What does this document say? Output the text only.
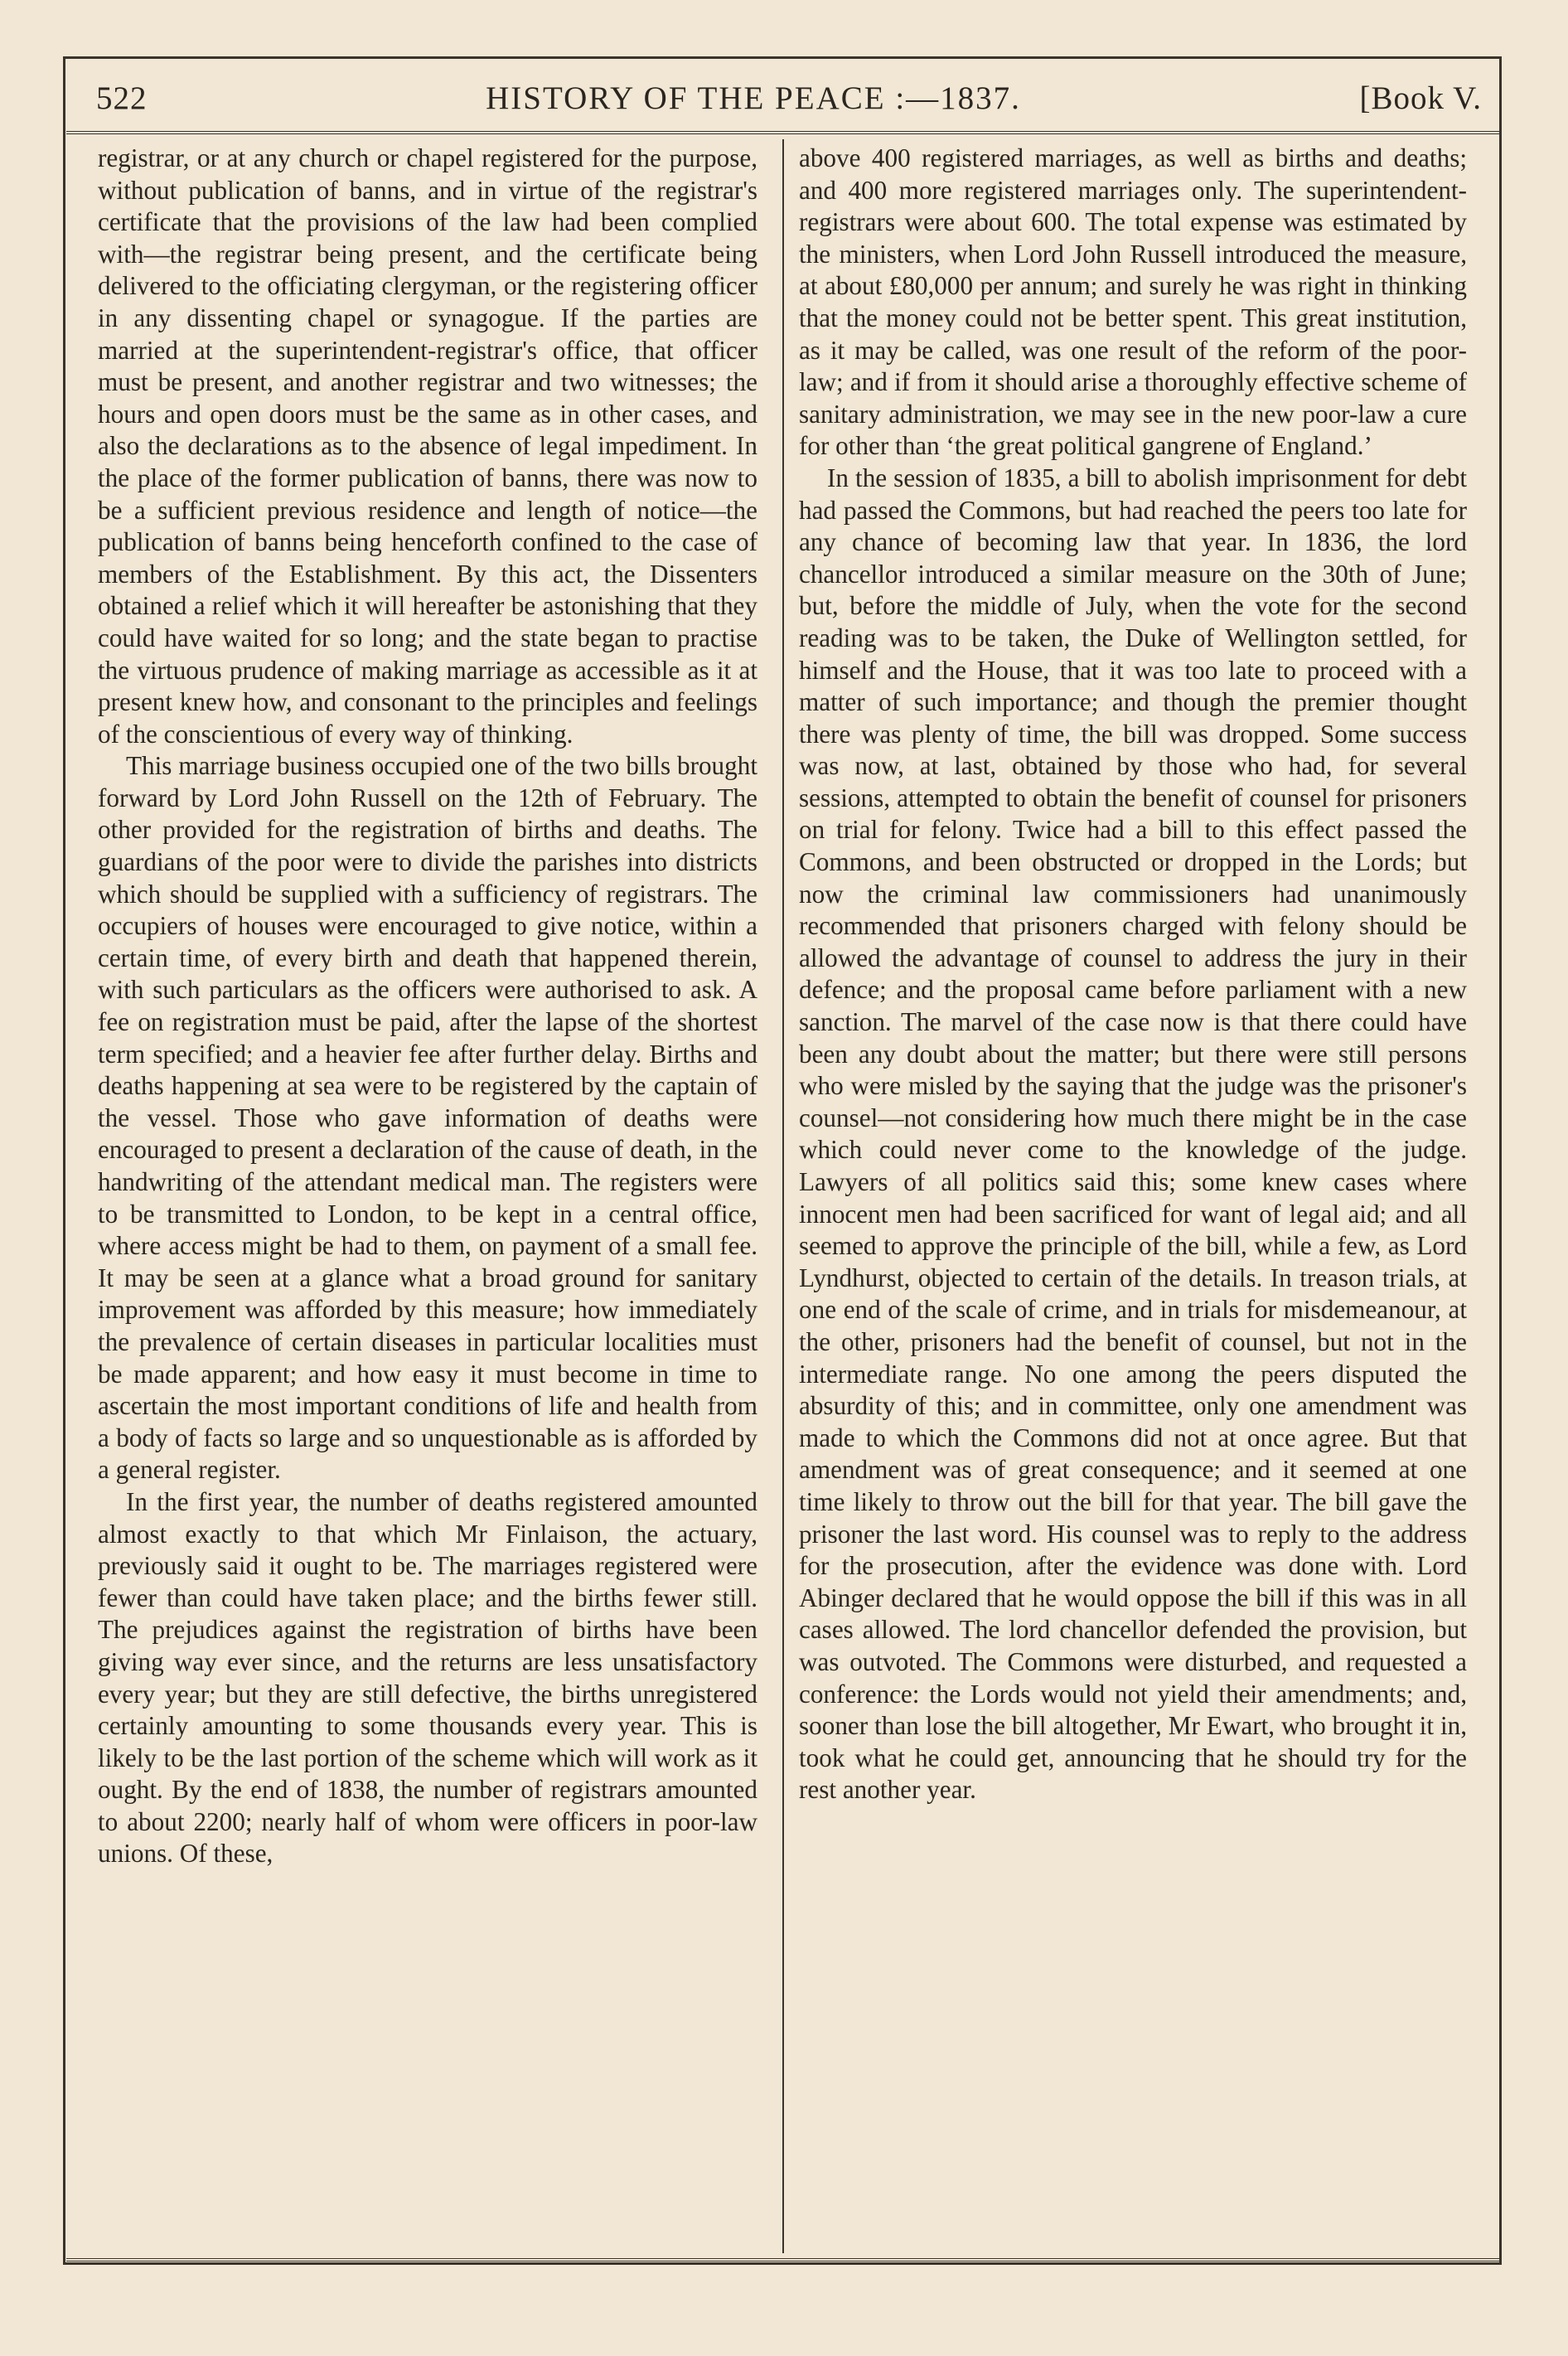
522	HISTORY OF THE PEACE :—1837.	[Book V.

registrar, or at any church or chapel registered for the purpose, without publication of banns, and in virtue of the registrar's certificate that the provisions of the law had been complied with—the registrar being present, and the certificate being delivered to the officiating clergyman, or the registering officer in any dissenting chapel or synagogue. If the parties are married at the superintendent-registrar's office, that officer must be present, and another registrar and two witnesses; the hours and open doors must be the same as in other cases, and also the declarations as to the absence of legal impediment. In the place of the former publication of banns, there was now to be a sufficient previous residence and length of notice—the publication of banns being henceforth confined to the case of members of the Establishment. By this act, the Dissenters obtained a relief which it will hereafter be astonishing that they could have waited for so long; and the state began to practise the virtuous prudence of making marriage as accessible as it at present knew how, and consonant to the principles and feelings of the conscientious of every way of thinking.

This marriage business occupied one of the two bills brought forward by Lord John Russell on the 12th of February. The other provided for the registration of births and deaths. The guardians of the poor were to divide the parishes into districts which should be supplied with a sufficiency of registrars. The occupiers of houses were encouraged to give notice, within a certain time, of every birth and death that happened therein, with such particulars as the officers were authorised to ask. A fee on registration must be paid, after the lapse of the shortest term specified; and a heavier fee after further delay. Births and deaths happening at sea were to be registered by the captain of the vessel. Those who gave information of deaths were encouraged to present a declaration of the cause of death, in the handwriting of the attendant medical man. The registers were to be transmitted to London, to be kept in a central office, where access might be had to them, on payment of a small fee. It may be seen at a glance what a broad ground for sanitary improvement was afforded by this measure; how immediately the prevalence of certain diseases in particular localities must be made apparent; and how easy it must become in time to ascertain the most important conditions of life and health from a body of facts so large and so unquestionable as is afforded by a general register.

In the first year, the number of deaths registered amounted almost exactly to that which Mr Finlaison, the actuary, previously said it ought to be. The marriages registered were fewer than could have taken place; and the births fewer still. The prejudices against the registration of births have been giving way ever since, and the returns are less unsatisfactory every year; but they are still defective, the births unregistered certainly amounting to some thousands every year. This is likely to be the last portion of the scheme which will work as it ought. By the end of 1838, the number of registrars amounted to about 2200; nearly half of whom were officers in poor-law unions. Of these,

above 400 registered marriages, as well as births and deaths; and 400 more registered marriages only. The superintendent-registrars were about 600. The total expense was estimated by the ministers, when Lord John Russell introduced the measure, at about £80,000 per annum; and surely he was right in thinking that the money could not be better spent. This great institution, as it may be called, was one result of the reform of the poor-law; and if from it should arise a thoroughly effective scheme of sanitary administration, we may see in the new poor-law a cure for other than ‘the great political gangrene of England.’

In the session of 1835, a bill to abolish imprisonment for debt had passed the Commons, but had reached the peers too late for any chance of becoming law that year. In 1836, the lord chancellor introduced a similar measure on the 30th of June; but, before the middle of July, when the vote for the second reading was to be taken, the Duke of Wellington settled, for himself and the House, that it was too late to proceed with a matter of such importance; and though the premier thought there was plenty of time, the bill was dropped. Some success was now, at last, obtained by those who had, for several sessions, attempted to obtain the benefit of counsel for prisoners on trial for felony. Twice had a bill to this effect passed the Commons, and been obstructed or dropped in the Lords; but now the criminal law commissioners had unanimously recommended that prisoners charged with felony should be allowed the advantage of counsel to address the jury in their defence; and the proposal came before parliament with a new sanction. The marvel of the case now is that there could have been any doubt about the matter; but there were still persons who were misled by the saying that the judge was the prisoner's counsel—not considering how much there might be in the case which could never come to the knowledge of the judge. Lawyers of all politics said this; some knew cases where innocent men had been sacrificed for want of legal aid; and all seemed to approve the principle of the bill, while a few, as Lord Lyndhurst, objected to certain of the details. In treason trials, at one end of the scale of crime, and in trials for misdemeanour, at the other, prisoners had the benefit of counsel, but not in the intermediate range. No one among the peers disputed the absurdity of this; and in committee, only one amendment was made to which the Commons did not at once agree. But that amendment was of great consequence; and it seemed at one time likely to throw out the bill for that year. The bill gave the prisoner the last word. His counsel was to reply to the address for the prosecution, after the evidence was done with. Lord Abinger declared that he would oppose the bill if this was in all cases allowed. The lord chancellor defended the provision, but was outvoted. The Commons were disturbed, and requested a conference: the Lords would not yield their amendments; and, sooner than lose the bill altogether, Mr Ewart, who brought it in, took what he could get, announcing that he should try for the rest another year.
